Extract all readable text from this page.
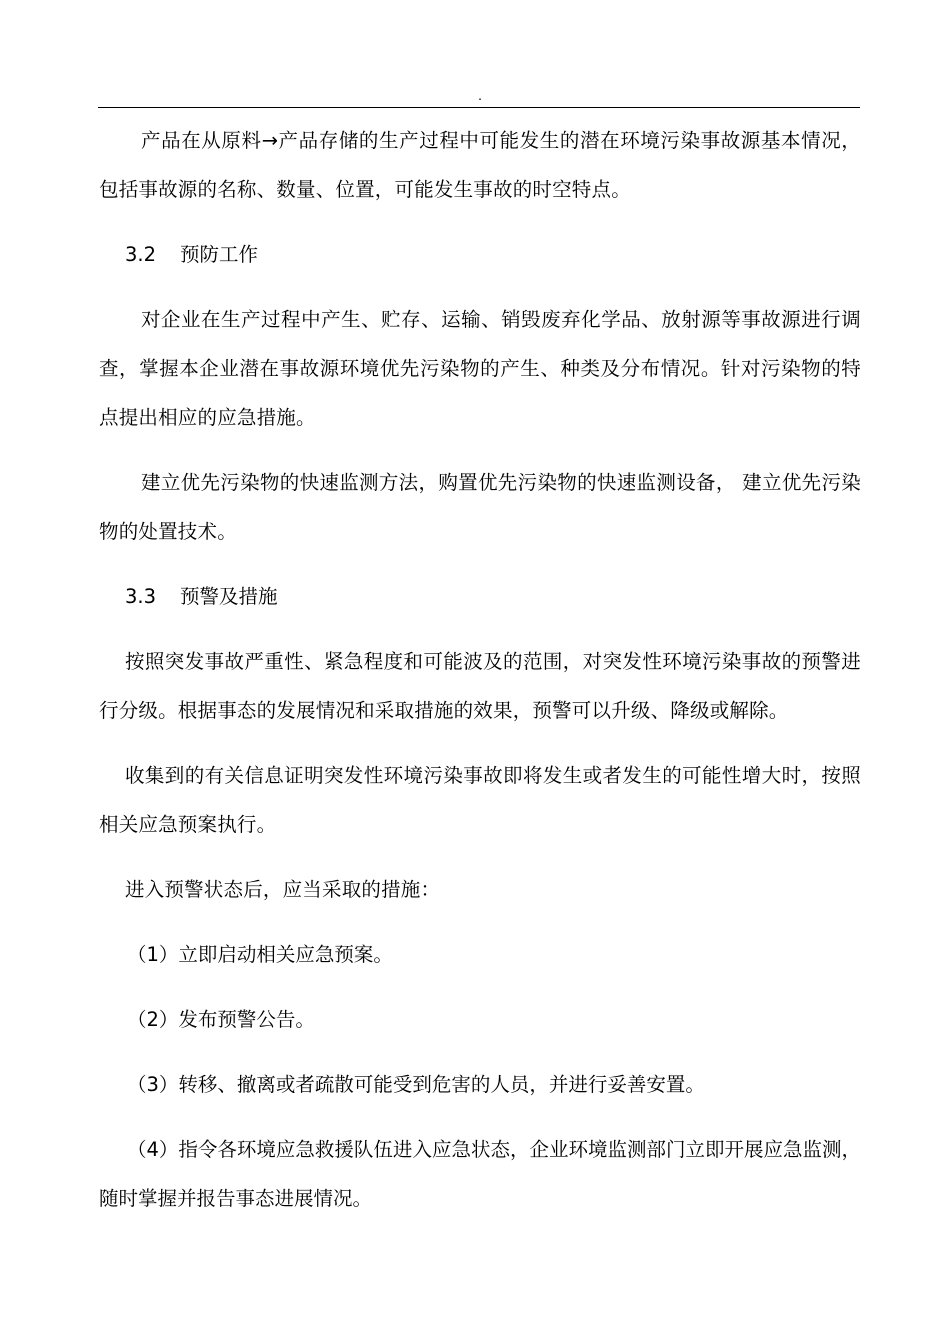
.

产品在从原料→产品存储的生产过程中可能发生的潜在环境污染事故源基本情况，包括事故源的名称、数量、位置，可能发生事故的时空特点。

3.2 预防工作

对企业在生产过程中产生、贮存、运输、销毁废弃化学品、放射源等事故源进行调查，掌握本企业潜在事故源环境优先污染物的产生、种类及分布情况。针对污染物的特点提出相应的应急措施。

建立优先污染物的快速监测方法，购置优先污染物的快速监测设备， 建立优先污染物的处置技术。

3.3 预警及措施

按照突发事故严重性、紧急程度和可能波及的范围，对突发性环境污染事故的预警进行分级。根据事态的发展情况和采取措施的效果，预警可以升级、降级或解除。

收集到的有关信息证明突发性环境污染事故即将发生或者发生的可能性增大时，按照相关应急预案执行。

进入预警状态后，应当采取的措施：

（1）立即启动相关应急预案。

（2）发布预警公告。

（3）转移、撤离或者疏散可能受到危害的人员，并进行妥善安置。

（4）指令各环境应急救援队伍进入应急状态，企业环境监测部门立即开展应急监测，随时掌握并报告事态进展情况。
